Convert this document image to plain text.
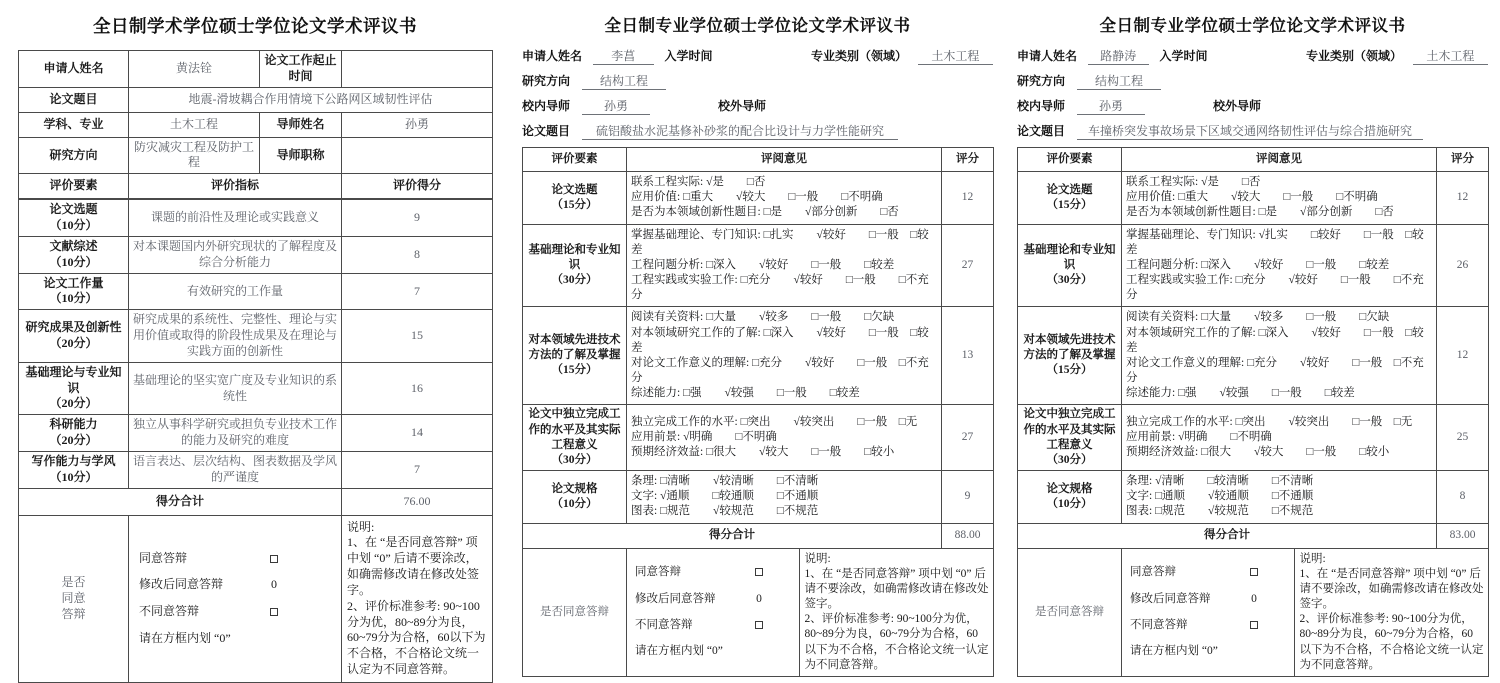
全日制学术学位硕士学位论文学术评议书
申请人姓名	黄法铨	论文工作起止时间	
论文题目	地震-滑坡耦合作用情境下公路网区域韧性评估		
学科、专业	土木工程	导师姓名	孙勇
研究方向	防灾减灾工程及防护工程	导师职称	
评价要素	评价指标		评价得分
论文选题
（10分）	课题的前沿性及理论或实践意义	9
文献综述
（10分）	对本课题国内外研究现状的了解程度及综合分析能力	8
论文工作量
（10分）	有效研究的工作量	7
研究成果及创新性
（20分）	研究成果的系统性、完整性、理论与实用价值或取得的阶段性成果及在理论与实践方面的创新性	15
基础理论与专业知识
（20分）	基础理论的坚实宽广度及专业知识的系统性	16
科研能力
（20分）	独立从事科学研究或担负专业技术工作的能力及研究的难度	14
写作能力与学风
（10分）	语言表达、层次结构、图表数据及学风的严谨度	7
得分合计		76.00
是否
同意
答辩	
同意答辩
修改后同意答辩	0
不同意答辩
请在方框内划 “0”

说明:
1、在 “是否同意答辩” 项中划 “0” 后请不要涂改，如确需修改请在修改处签字。
2、评价标准参考: 90~100分为优，80~89分为良，60~79分为合格，60以下为不合格，不合格论文统一认定为不同意答辩。
全日制专业学位硕士学位论文学术评议书
申请人姓名	李菖	入学时间	专业类别（领域）	土木工程
研究方向	结构工程
校内导师	孙勇	校外导师
论文题目	硫铝酸盐水泥基修补砂浆的配合比设计与力学性能研究
评价要素	评阅意见	评分
论文选题
（15分）	
联系工程实际: √是　　□否
应用价值: □重大　　√较大　　□一般　　□不明确
是否为本领域创新性题目: □是　　√部分创新　　□否
	12
基础理论和专业知识
（30分）	
掌握基础理论、专门知识: □扎实　　√较好　　□一般　□较差
工程问题分析: □深入　　√较好　　□一般　　□较差
工程实践或实验工作: □充分　　√较好　　□一般　　□不充分
	27
对本领域先进技术方法的了解及掌握
（15分）	
阅读有关资料: □大量　　√较多　　□一般　　□欠缺
对本领域研究工作的了解: □深入　　√较好　　□一般　□较差
对论文工作意义的理解: □充分　　√较好　　□一般　□不充分
综述能力: □强　　√较强　　□一般　　□较差
	13
论文中独立完成工作的水平及其实际工程意义
（30分）	
独立完成工作的水平: □突出　　√较突出　　□一般　□无
应用前景: √明确　　□不明确
预期经济效益: □很大　　√较大　　□一般　　□较小
	27
论文规格
（10分）	
条理: □清晰　　√较清晰　　□不清晰
文字: √通顺　　□较通顺　　□不通顺
图表: □规范　　√较规范　　□不规范
	9
得分合计	88.00
是否同意答辩	
同意答辩
修改后同意答辩	0
不同意答辩
请在方框内划 “0”

说明:
1、在 “是否同意答辩” 项中划 “0” 后请不要涂改，如确需修改请在修改处签字。
2、评价标准参考: 90~100分为优，80~89分为良，60~79分为合格，60以下为不合格，不合格论文统一认定为不同意答辩。
全日制专业学位硕士学位论文学术评议书
申请人姓名	路静涛	入学时间	专业类别（领域）	土木工程
研究方向	结构工程
校内导师	孙勇	校外导师
论文题目	车撞桥突发事故场景下区域交通网络韧性评估与综合措施研究
评价要素	评阅意见	评分
论文选题
（15分）	
联系工程实际: √是　　□否
应用价值: □重大　　√较大　　□一般　　□不明确
是否为本领域创新性题目: □是　　√部分创新　　□否
	12
基础理论和专业知识
（30分）	
掌握基础理论、专门知识: √扎实　　□较好　　□一般　□较差
工程问题分析: □深入　　√较好　　□一般　　□较差
工程实践或实验工作: □充分　　√较好　　□一般　　□不充分
	26
对本领域先进技术方法的了解及掌握
（15分）	
阅读有关资料: □大量　　√较多　　□一般　　□欠缺
对本领域研究工作的了解: □深入　　√较好　　□一般　□较差
对论文工作意义的理解: □充分　　√较好　　□一般　□不充分
综述能力: □强　　√较强　　□一般　　□较差
	12
论文中独立完成工作的水平及其实际工程意义
（30分）	
独立完成工作的水平: □突出　　√较突出　　□一般　□无
应用前景: √明确　　□不明确
预期经济效益: □很大　　√较大　　□一般　　□较小
	25
论文规格
（10分）	
条理: √清晰　　□较清晰　　□不清晰
文字: □通顺　　√较通顺　　□不通顺
图表: □规范　　√较规范　　□不规范
	8
得分合计	83.00
是否同意答辩	
同意答辩
修改后同意答辩	0
不同意答辩
请在方框内划 “0”

说明:
1、在 “是否同意答辩” 项中划 “0” 后请不要涂改，如确需修改请在修改处签字。
2、评价标准参考: 90~100分为优，80~89分为良，60~79分为合格，60以下为不合格，不合格论文统一认定为不同意答辩。
